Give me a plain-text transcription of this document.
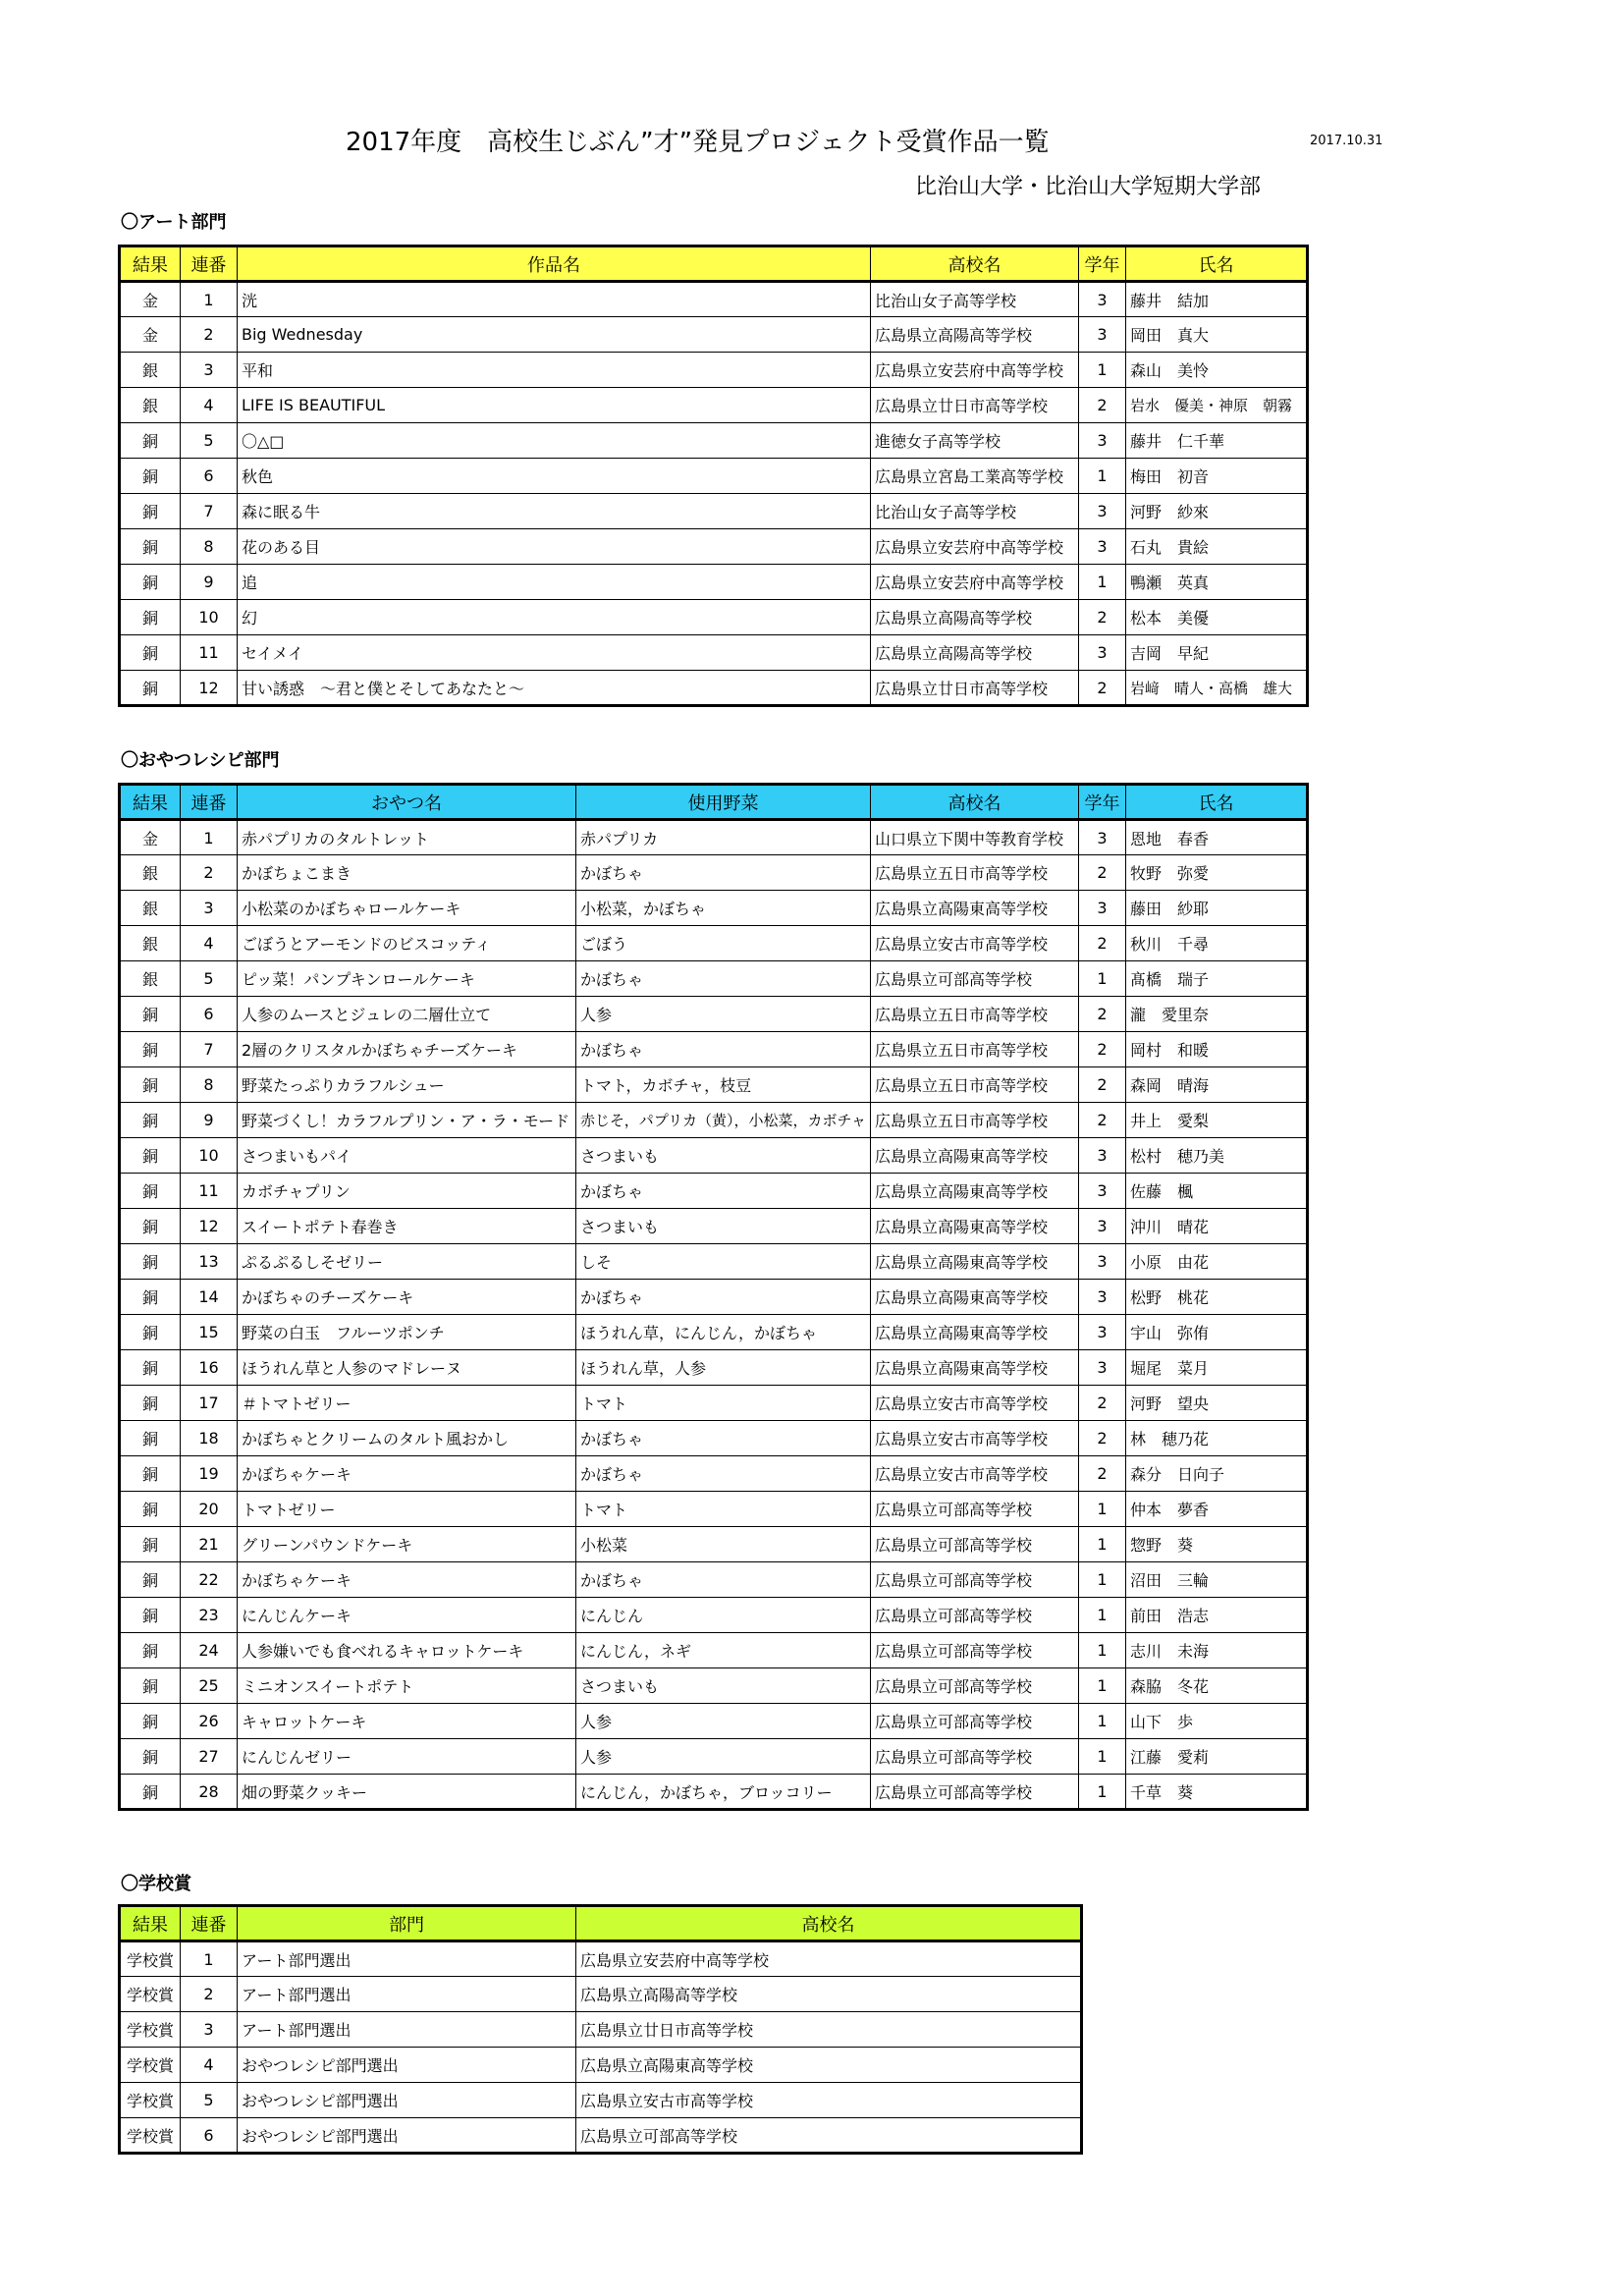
2017年度　高校生じぶん”才”発見プロジェクト受賞作品一覧	2017.10.31
比治山大学・比治山大学短期大学部
〇アート部門
結果	連番	作品名	高校名	学年	氏名
金	1	洸	比治山女子高等学校	3	藤井　結加
金	2	Big Wednesday	広島県立高陽高等学校	3	岡田　真大
銀	3	平和	広島県立安芸府中高等学校	1	森山　美怜
銀	4	LIFE IS BEAUTIFUL	広島県立廿日市高等学校	2	岩水　優美・神原　朝霧
銅	5	〇△□	進徳女子高等学校	3	藤井　仁千華
銅	6	秋色	広島県立宮島工業高等学校	1	梅田　初音
銅	7	森に眠る牛	比治山女子高等学校	3	河野　紗來
銅	8	花のある目	広島県立安芸府中高等学校	3	石丸　貴絵
銅	9	追	広島県立安芸府中高等学校	1	鴨瀬　英真
銅	10	幻	広島県立高陽高等学校	2	松本　美優
銅	11	セイメイ	広島県立高陽高等学校	3	吉岡　早紀
銅	12	甘い誘惑　～君と僕とそしてあなたと～	広島県立廿日市高等学校	2	岩﨑　晴人・高橋　雄大
〇おやつレシピ部門
結果	連番	おやつ名	使用野菜	高校名	学年	氏名
金	1	赤パプリカのタルトレット	赤パプリカ	山口県立下関中等教育学校	3	恩地　春香
銀	2	かぼちょこまき	かぼちゃ	広島県立五日市高等学校	2	牧野　弥愛
銀	3	小松菜のかぼちゃロールケーキ	小松菜，かぼちゃ	広島県立高陽東高等学校	3	藤田　紗耶
銀	4	ごぼうとアーモンドのビスコッティ	ごぼう	広島県立安古市高等学校	2	秋川　千尋
銀	5	ピッ菜！パンプキンロールケーキ	かぼちゃ	広島県立可部高等学校	1	髙橋　瑞子
銅	6	人参のムースとジュレの二層仕立て	人参	広島県立五日市高等学校	2	瀧　愛里奈
銅	7	2層のクリスタルかぼちゃチーズケーキ	かぼちゃ	広島県立五日市高等学校	2	岡村　和暖
銅	8	野菜たっぷりカラフルシュー	トマト，カボチャ，枝豆	広島県立五日市高等学校	2	森岡　晴海
銅	9	野菜づくし！カラフルプリン・ア・ラ・モード	赤じそ，パプリカ（黄），小松菜，カボチャ	広島県立五日市高等学校	2	井上　愛梨
銅	10	さつまいもパイ	さつまいも	広島県立高陽東高等学校	3	松村　穂乃美
銅	11	カボチャプリン	かぼちゃ	広島県立高陽東高等学校	3	佐藤　楓
銅	12	スイートポテト春巻き	さつまいも	広島県立高陽東高等学校	3	沖川　晴花
銅	13	ぷるぷるしそゼリー	しそ	広島県立高陽東高等学校	3	小原　由花
銅	14	かぼちゃのチーズケーキ	かぼちゃ	広島県立高陽東高等学校	3	松野　桃花
銅	15	野菜の白玉　フルーツポンチ	ほうれん草，にんじん，かぼちゃ	広島県立高陽東高等学校	3	宇山　弥侑
銅	16	ほうれん草と人参のマドレーヌ	ほうれん草，人参	広島県立高陽東高等学校	3	堀尾　菜月
銅	17	＃トマトゼリー	トマト	広島県立安古市高等学校	2	河野　望央
銅	18	かぼちゃとクリームのタルト風おかし	かぼちゃ	広島県立安古市高等学校	2	林　穂乃花
銅	19	かぼちゃケーキ	かぼちゃ	広島県立安古市高等学校	2	森分　日向子
銅	20	トマトゼリー	トマト	広島県立可部高等学校	1	仲本　夢香
銅	21	グリーンパウンドケーキ	小松菜	広島県立可部高等学校	1	惣野　葵
銅	22	かぼちゃケーキ	かぼちゃ	広島県立可部高等学校	1	沼田　三輪
銅	23	にんじんケーキ	にんじん	広島県立可部高等学校	1	前田　浩志
銅	24	人参嫌いでも食べれるキャロットケーキ	にんじん，ネギ	広島県立可部高等学校	1	志川　未海
銅	25	ミニオンスイートポテト	さつまいも	広島県立可部高等学校	1	森脇　冬花
銅	26	キャロットケーキ	人参	広島県立可部高等学校	1	山下　歩
銅	27	にんじんゼリー	人参	広島県立可部高等学校	1	江藤　愛莉
銅	28	畑の野菜クッキー	にんじん，かぼちゃ，ブロッコリー	広島県立可部高等学校	1	千草　葵
〇学校賞
結果	連番	部門	高校名
学校賞	1	アート部門選出	広島県立安芸府中高等学校
学校賞	2	アート部門選出	広島県立高陽高等学校
学校賞	3	アート部門選出	広島県立廿日市高等学校
学校賞	4	おやつレシピ部門選出	広島県立高陽東高等学校
学校賞	5	おやつレシピ部門選出	広島県立安古市高等学校
学校賞	6	おやつレシピ部門選出	広島県立可部高等学校
